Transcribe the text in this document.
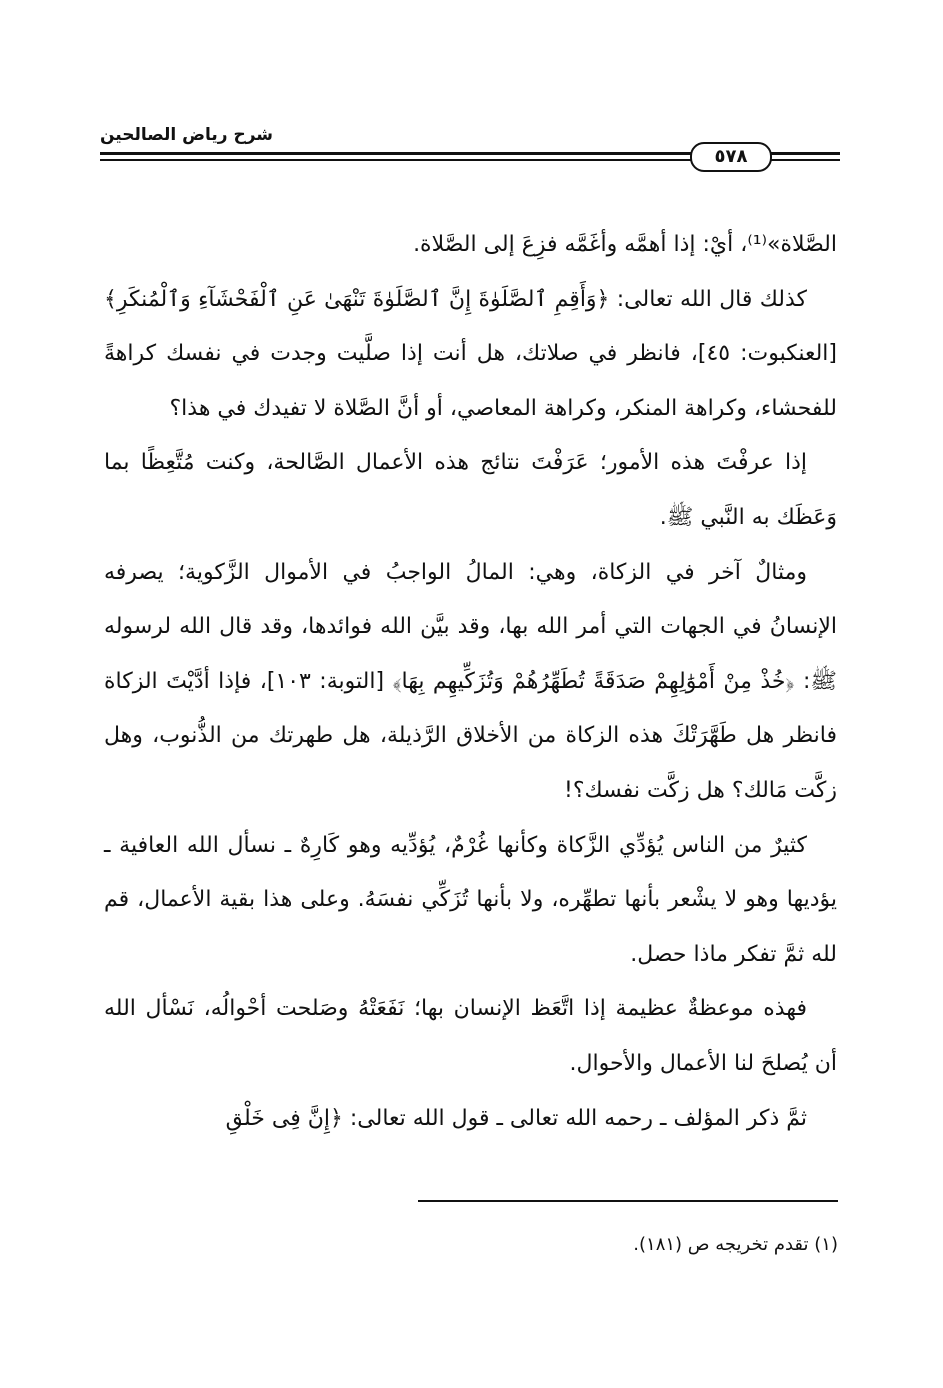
شرح رياض الصالحين
٥٧٨

الصَّلاة»⁽¹⁾، أيْ: إذا أهمَّه وأغَمَّه فزِعَ إلى الصَّلاة.

كذلك قال الله تعالى: ﴿وَأَقِمِ ٱلصَّلَوٰةَ إِنَّ ٱلصَّلَوٰةَ تَنْهَىٰ عَنِ ٱلْفَحْشَآءِ وَٱلْمُنكَرِ﴾ [العنكبوت: ٤٥]، فانظر في صلاتك، هل أنت إذا صلَّيت وجدت في نفسك كراهةً للفحشاء، وكراهة المنكر، وكراهة المعاصي، أو أنَّ الصَّلاة لا تفيدك في هذا؟

إذا عرفْتَ هذه الأمور؛ عَرَفْتَ نتائج هذه الأعمال الصَّالحة، وكنت مُتَّعِظًا بما وَعَظَك به النَّبي ﷺ.

ومثالٌ آخر في الزكاة، وهي: المالُ الواجبُ في الأموال الزَّكوية؛ يصرفه الإنسانُ في الجهات التي أمر الله بها، وقد بيَّن الله فوائدها، وقد قال الله لرسوله ﷺ: ﴿خُذْ مِنْ أَمْوَٰلِهِمْ صَدَقَةً تُطَهِّرُهُمْ وَتُزَكِّيهِم بِهَا﴾ [التوبة: ١٠٣]، فإذا أدَّيْتَ الزكاة فانظر هل طَهَّرَتْكَ هذه الزكاة من الأخلاق الرَّذيلة، هل طهرتك من الذُّنوب، وهل زكَّت مَالك؟ هل زكَّت نفسك؟!

كثيرٌ من الناس يُؤدِّي الزَّكاة وكأنها غُرْمٌ، يُؤدِّيه وهو كَارِهٌ ـ نسأل الله العافية ـ يؤديها وهو لا يشْعر بأنها تطهِّره، ولا بأنها تُزَكِّي نفسَهُ. وعلى هذا بقية الأعمال، قم لله ثمَّ تفكر ماذا حصل.

فهذه موعظةٌ عظيمة إذا اتَّعَظ الإنسان بها؛ نَفَعَتْهُ وصَلحت أحْوالُه، نَسْأل الله أن يُصلحَ لنا الأعمال والأحوال.

ثمَّ ذكر المؤلف ـ رحمه الله تعالى ـ قول الله تعالى: ﴿إِنَّ فِى خَلْقِ

(١) تقدم تخريجه ص (١٨١).
